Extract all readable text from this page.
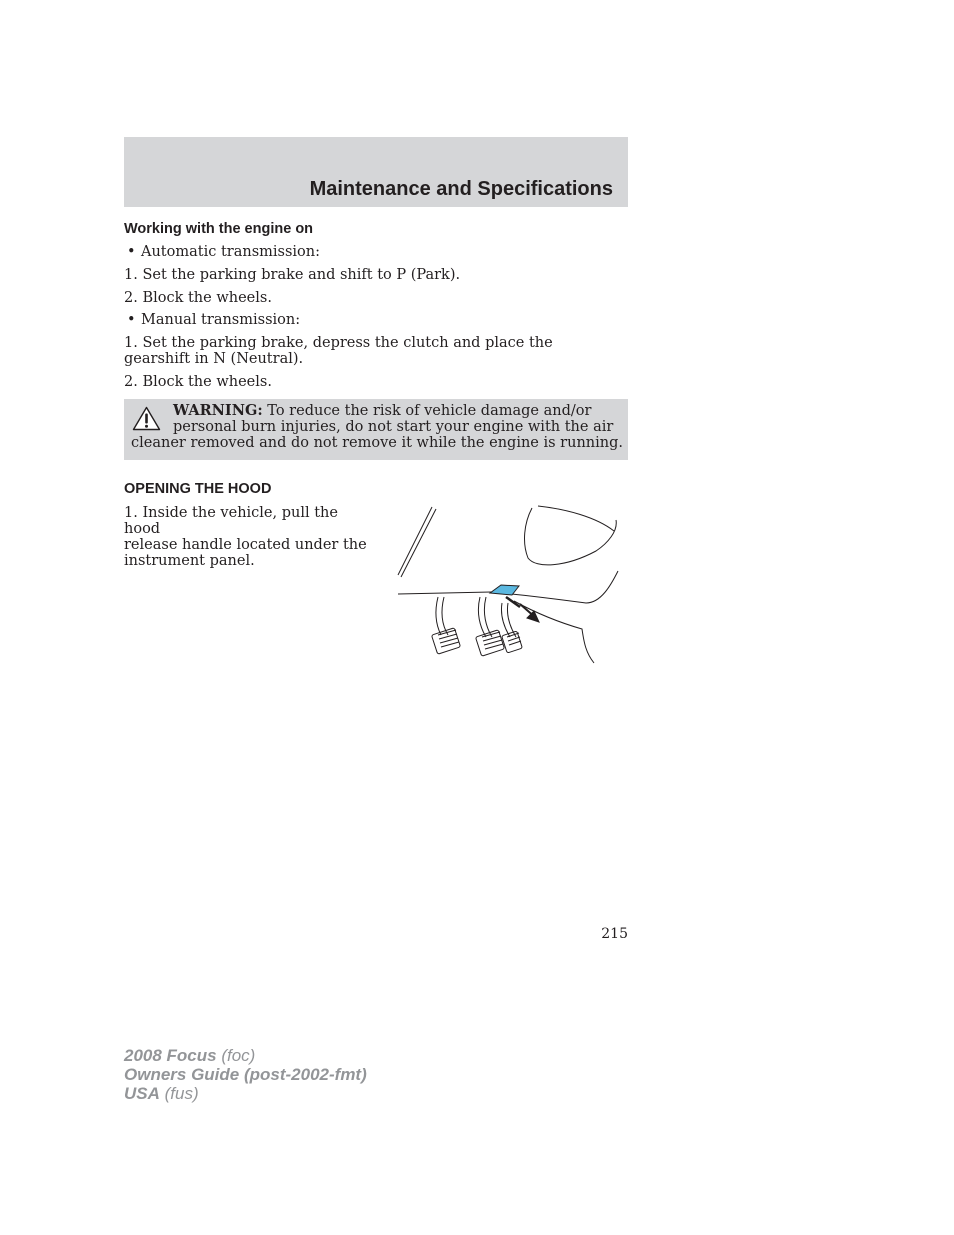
Maintenance and Specifications
Working with the engine on
• Automatic transmission:
1. Set the parking brake and shift to P (Park).
2. Block the wheels.
• Manual transmission:
1. Set the parking brake, depress the clutch and place the gearshift in N (Neutral).
2. Block the wheels.
WARNING: To reduce the risk of vehicle damage and/or
personal burn injuries, do not start your engine with the air
cleaner removed and do not remove it while the engine is running.
OPENING THE HOOD
1. Inside the vehicle, pull the hood
release handle located under the
instrument panel.
215
2008 Focus (foc)
Owners Guide (post-2002-fmt)
USA (fus)
